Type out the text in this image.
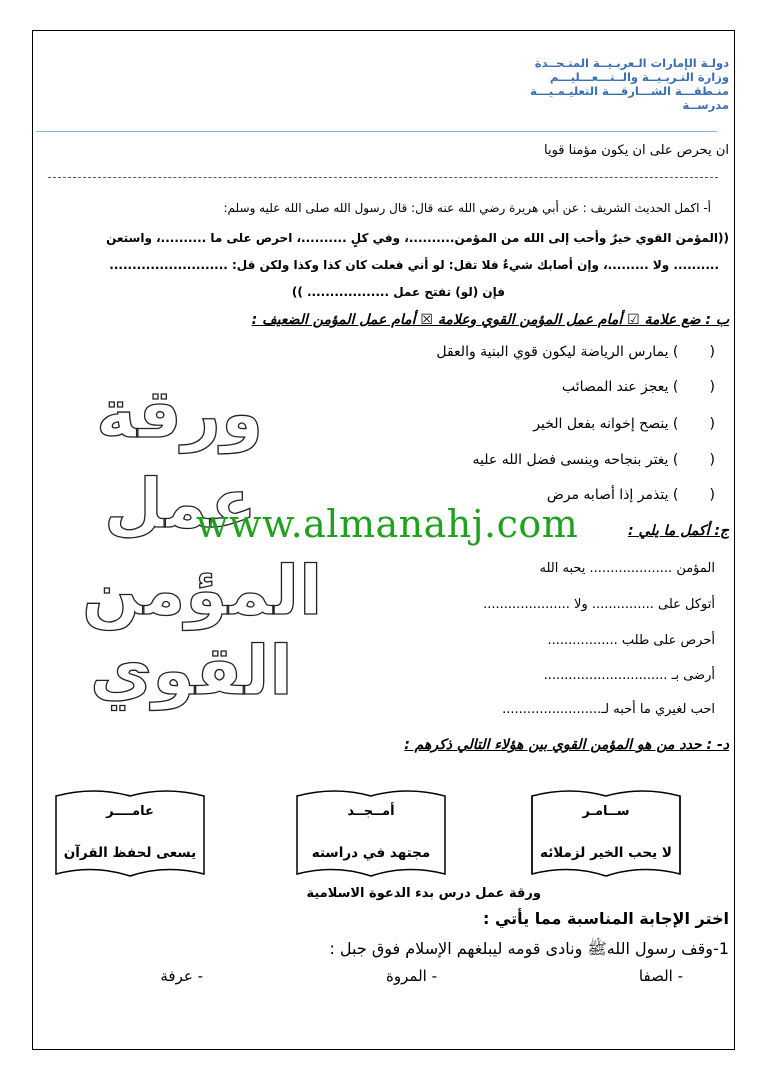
دولـة الإمارات الـعربـيــة المتـحــدة
وزارة التـربـيــة والــتـــعـــليـــم
منـطقـــة الشـــارقـــة التعليـمـيـــة
مدرســة
ان يحرص على ان يكون مؤمنا قويا
أ- اكمل الحديث الشريف : عن أبي هريرة رضي الله عنه قال: قال رسول الله صلى الله عليه وسلم:
((المؤمن القوي خيرٌ وأحب إلى الله من المؤمن..........، وفي كلٍ ..........، احرص على ما ..........، واستعن
.......... ولا .........، وإن أصابك شيءٌ فلا تقل: لو أني فعلت كان كذا وكذا ولكن قل: ..........................
فإن (لو) تفتح عمل .................. ))
ب : ضع علامة ☑ أمام عمل المؤمن القوي وعلامة ☒ أمام عمل المؤمن الضعيف :
(       ) يمارس الرياضة ليكون قوي البنية والعقل
(       ) يعجز عند المصائب
(       ) ينصح إخوانه بفعل الخير
(       ) يغتر بنجاحه وينسى فضل الله عليه
(       ) يتذمر إذا أصابه مرض
ورقة
عمل
المؤمن
القوي
www.almanahj.com	ج: أكمل ما يلي :
المؤمن .................... يحبه الله
أتوكل على ............... ولا .....................
أحرص على طلب .................
أرضى بـ ..............................
احب لغيري ما أحبه لـ........................
د- : حدد من هو المؤمن القوي بين هؤلاء التالي ذكرهم :
ســامـر
لا يحب الخير لزملائه
أمــجــد
مجتهد في دراسته
عامــــر
يسعى لحفظ القرآن
ورقة عمل درس بدء الدعوة الاسلامية
اختر الإجابة المناسبة مما يأتي :
1-وقف رسول اللهﷺ ونادى قومه ليبلغهم الإسلام فوق جبل :
- الصفا
- المروة
- عرفة
